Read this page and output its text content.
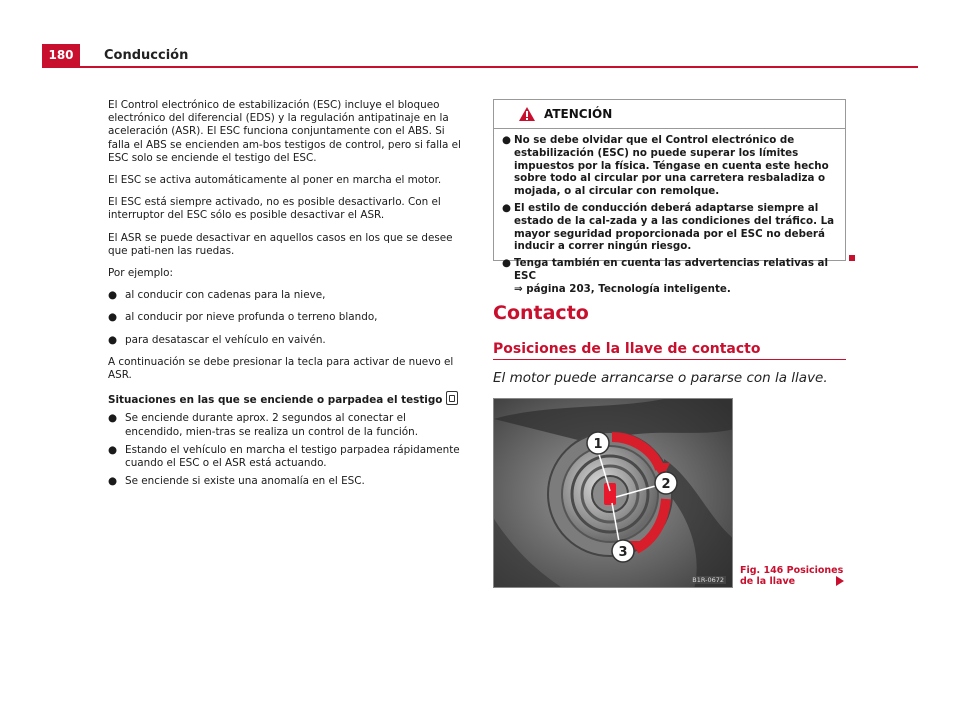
180	Conducción

El Control electrónico de estabilización (ESC) incluye el bloqueo electrónico del diferencial (EDS) y la regulación antipatinaje en la aceleración (ASR). El ESC funciona conjuntamente con el ABS. Si falla el ABS se encienden am-bos testigos de control, pero si falla el ESC solo se enciende el testigo del ESC.

El ESC se activa automáticamente al poner en marcha el motor.

El ESC está siempre activado, no es posible desactivarlo. Con el interruptor del ESC sólo es posible desactivar el ASR.

El ASR se puede desactivar en aquellos casos en los que se desee que pati-nen las ruedas.

Por ejemplo:

● al conducir con cadenas para la nieve,
● al conducir por nieve profunda o terreno blando,
● para desatascar el vehículo en vaivén.

A continuación se debe presionar la tecla para activar de nuevo el ASR.

Situaciones en las que se enciende o parpadea el testigo

● Se enciende durante aprox. 2 segundos al conectar el encendido, mien-tras se realiza un control de la función.
● Estando el vehículo en marcha el testigo parpadea rápidamente cuando el ESC o el ASR está actuando.
● Se enciende si existe una anomalía en el ESC.
ATENCIÓN
● No se debe olvidar que el Control electrónico de estabilización (ESC) no puede superar los límites impuestos por la física. Téngase en cuenta este hecho sobre todo al circular por una carretera resbaladiza o mojada, o al circular con remolque.
● El estilo de conducción deberá adaptarse siempre al estado de la cal-zada y a las condiciones del tráfico. La mayor seguridad proporcionada por el ESC no deberá inducir a correr ningún riesgo.
● Tenga también en cuenta las advertencias relativas al ESC
⇒ página 203, Tecnología inteligente.
Contacto
Posiciones de la llave de contacto
El motor puede arrancarse o pararse con la llave.
1
2
3
B1R-0672
Fig. 146 Posiciones de la llave
